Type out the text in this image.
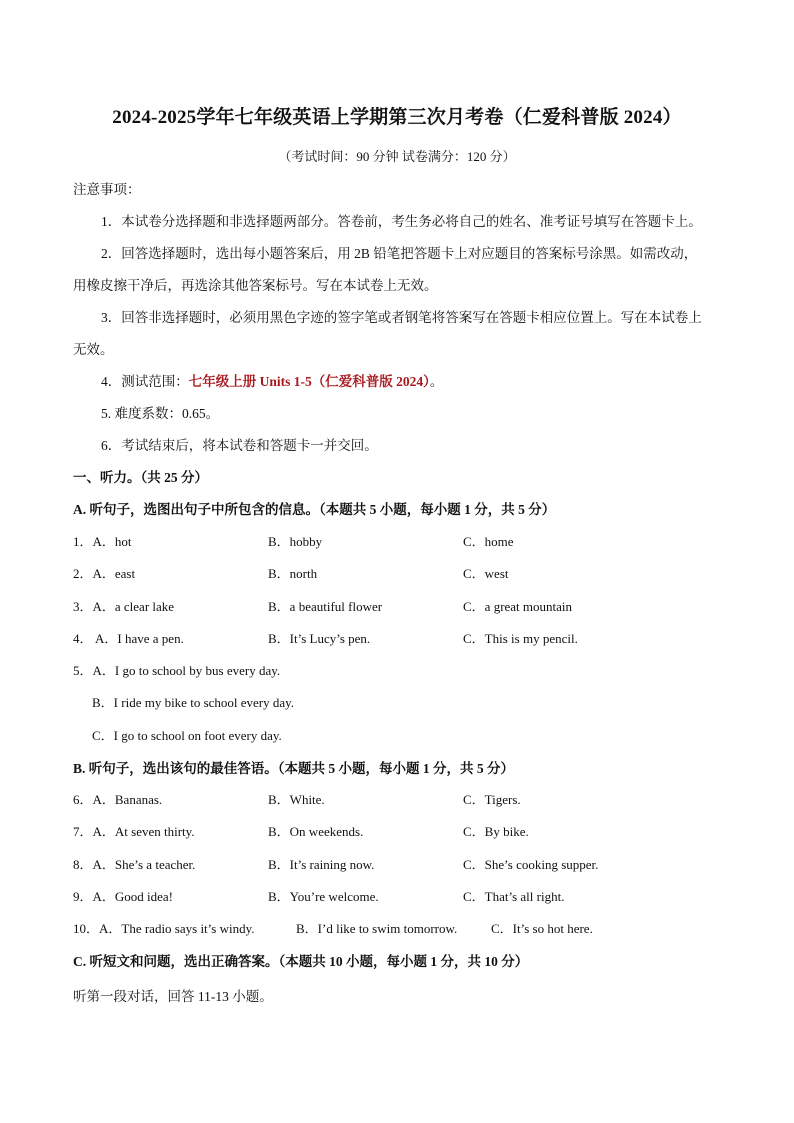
2024-2025学年七年级英语上学期第三次月考卷（仁爱科普版 2024）
（考试时间：90 分钟 试卷满分：120 分）
注意事项：
1．本试卷分选择题和非选择题两部分。答卷前，考生务必将自己的姓名、准考证号填写在答题卡上。
2．回答选择题时，选出每小题答案后，用 2B 铅笔把答题卡上对应题目的答案标号涂黑。如需改动，
用橡皮擦干净后，再选涂其他答案标号。写在本试卷上无效。
3．回答非选择题时，必须用黑色字迹的签字笔或者钢笔将答案写在答题卡相应位置上。写在本试卷上
无效。
4．测试范围：七年级上册 Units 1-5（仁爱科普版 2024）。
5. 难度系数：0.65。
6．考试结束后，将本试卷和答题卡一并交回。
一、听力。（共 25 分）
A. 听句子，选图出句子中所包含的信息。（本题共 5 小题，每小题 1 分，共 5 分）
1．A．hot	B．hobby	C．home
2．A．east	B．north	C．west
3．A．a clear lake	B．a beautiful flower	C．a great mountain
4． A．I have a pen.	B．It’s Lucy’s pen.	C．This is my pencil.
5．A．I go to school by bus every day.
B．I ride my bike to school every day.
C．I go to school on foot every day.
B. 听句子，选出该句的最佳答语。（本题共 5 小题，每小题 1 分，共 5 分）
6．A．Bananas.	B．White.	C．Tigers.
7．A．At seven thirty.	B．On weekends.	C．By bike.
8．A．She’s a teacher.	B．It’s raining now.	C．She’s cooking supper.
9．A．Good idea!	B．You’re welcome.	C．That’s all right.
10．A．The radio says it’s windy.	B．I’d like to swim tomorrow.	C．It’s so hot here.
C. 听短文和问题，选出正确答案。（本题共 10 小题，每小题 1 分，共 10 分）
听第一段对话，回答 11-13 小题。
